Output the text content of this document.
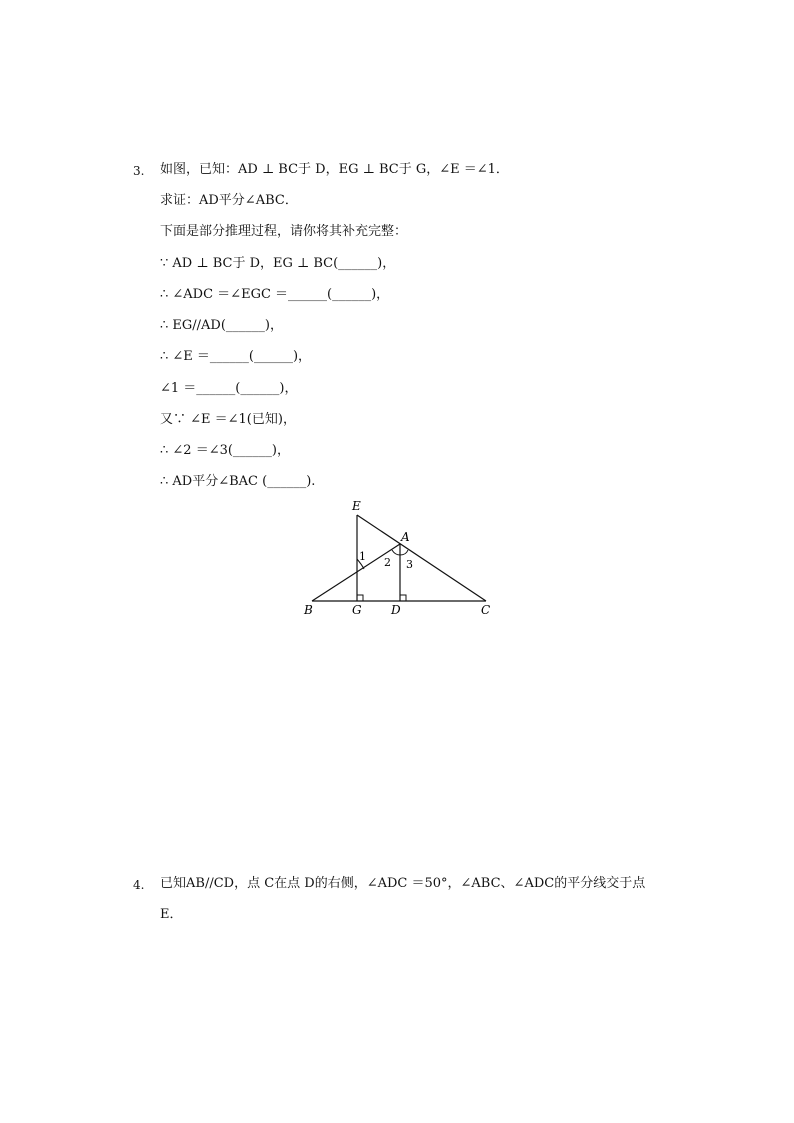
3. 如图，已知：AD ⊥ BC于 D，EG ⊥ BC于 G，∠E ＝∠1．
求证：AD平分∠ABC．
下面是部分推理过程，请你将其补充完整：
∵ AD ⊥ BC于 D，EG ⊥ BC(______)，
∴ ∠ADC ＝∠EGC ＝______(______)，
∴ EG//AD(______)，
∴ ∠E ＝______(______)，
∠1 ＝______(______)，
又∵ ∠E ＝∠1(已知)，
∴ ∠2 ＝∠3(______)，
∴ AD平分∠BAC (______).
E
A
B	G D	C
1 2 3
4. 已知AB//CD，点 C在点 D的右侧，∠ADC ＝50°，∠ABC、∠ADC的平分线交于点
E．
